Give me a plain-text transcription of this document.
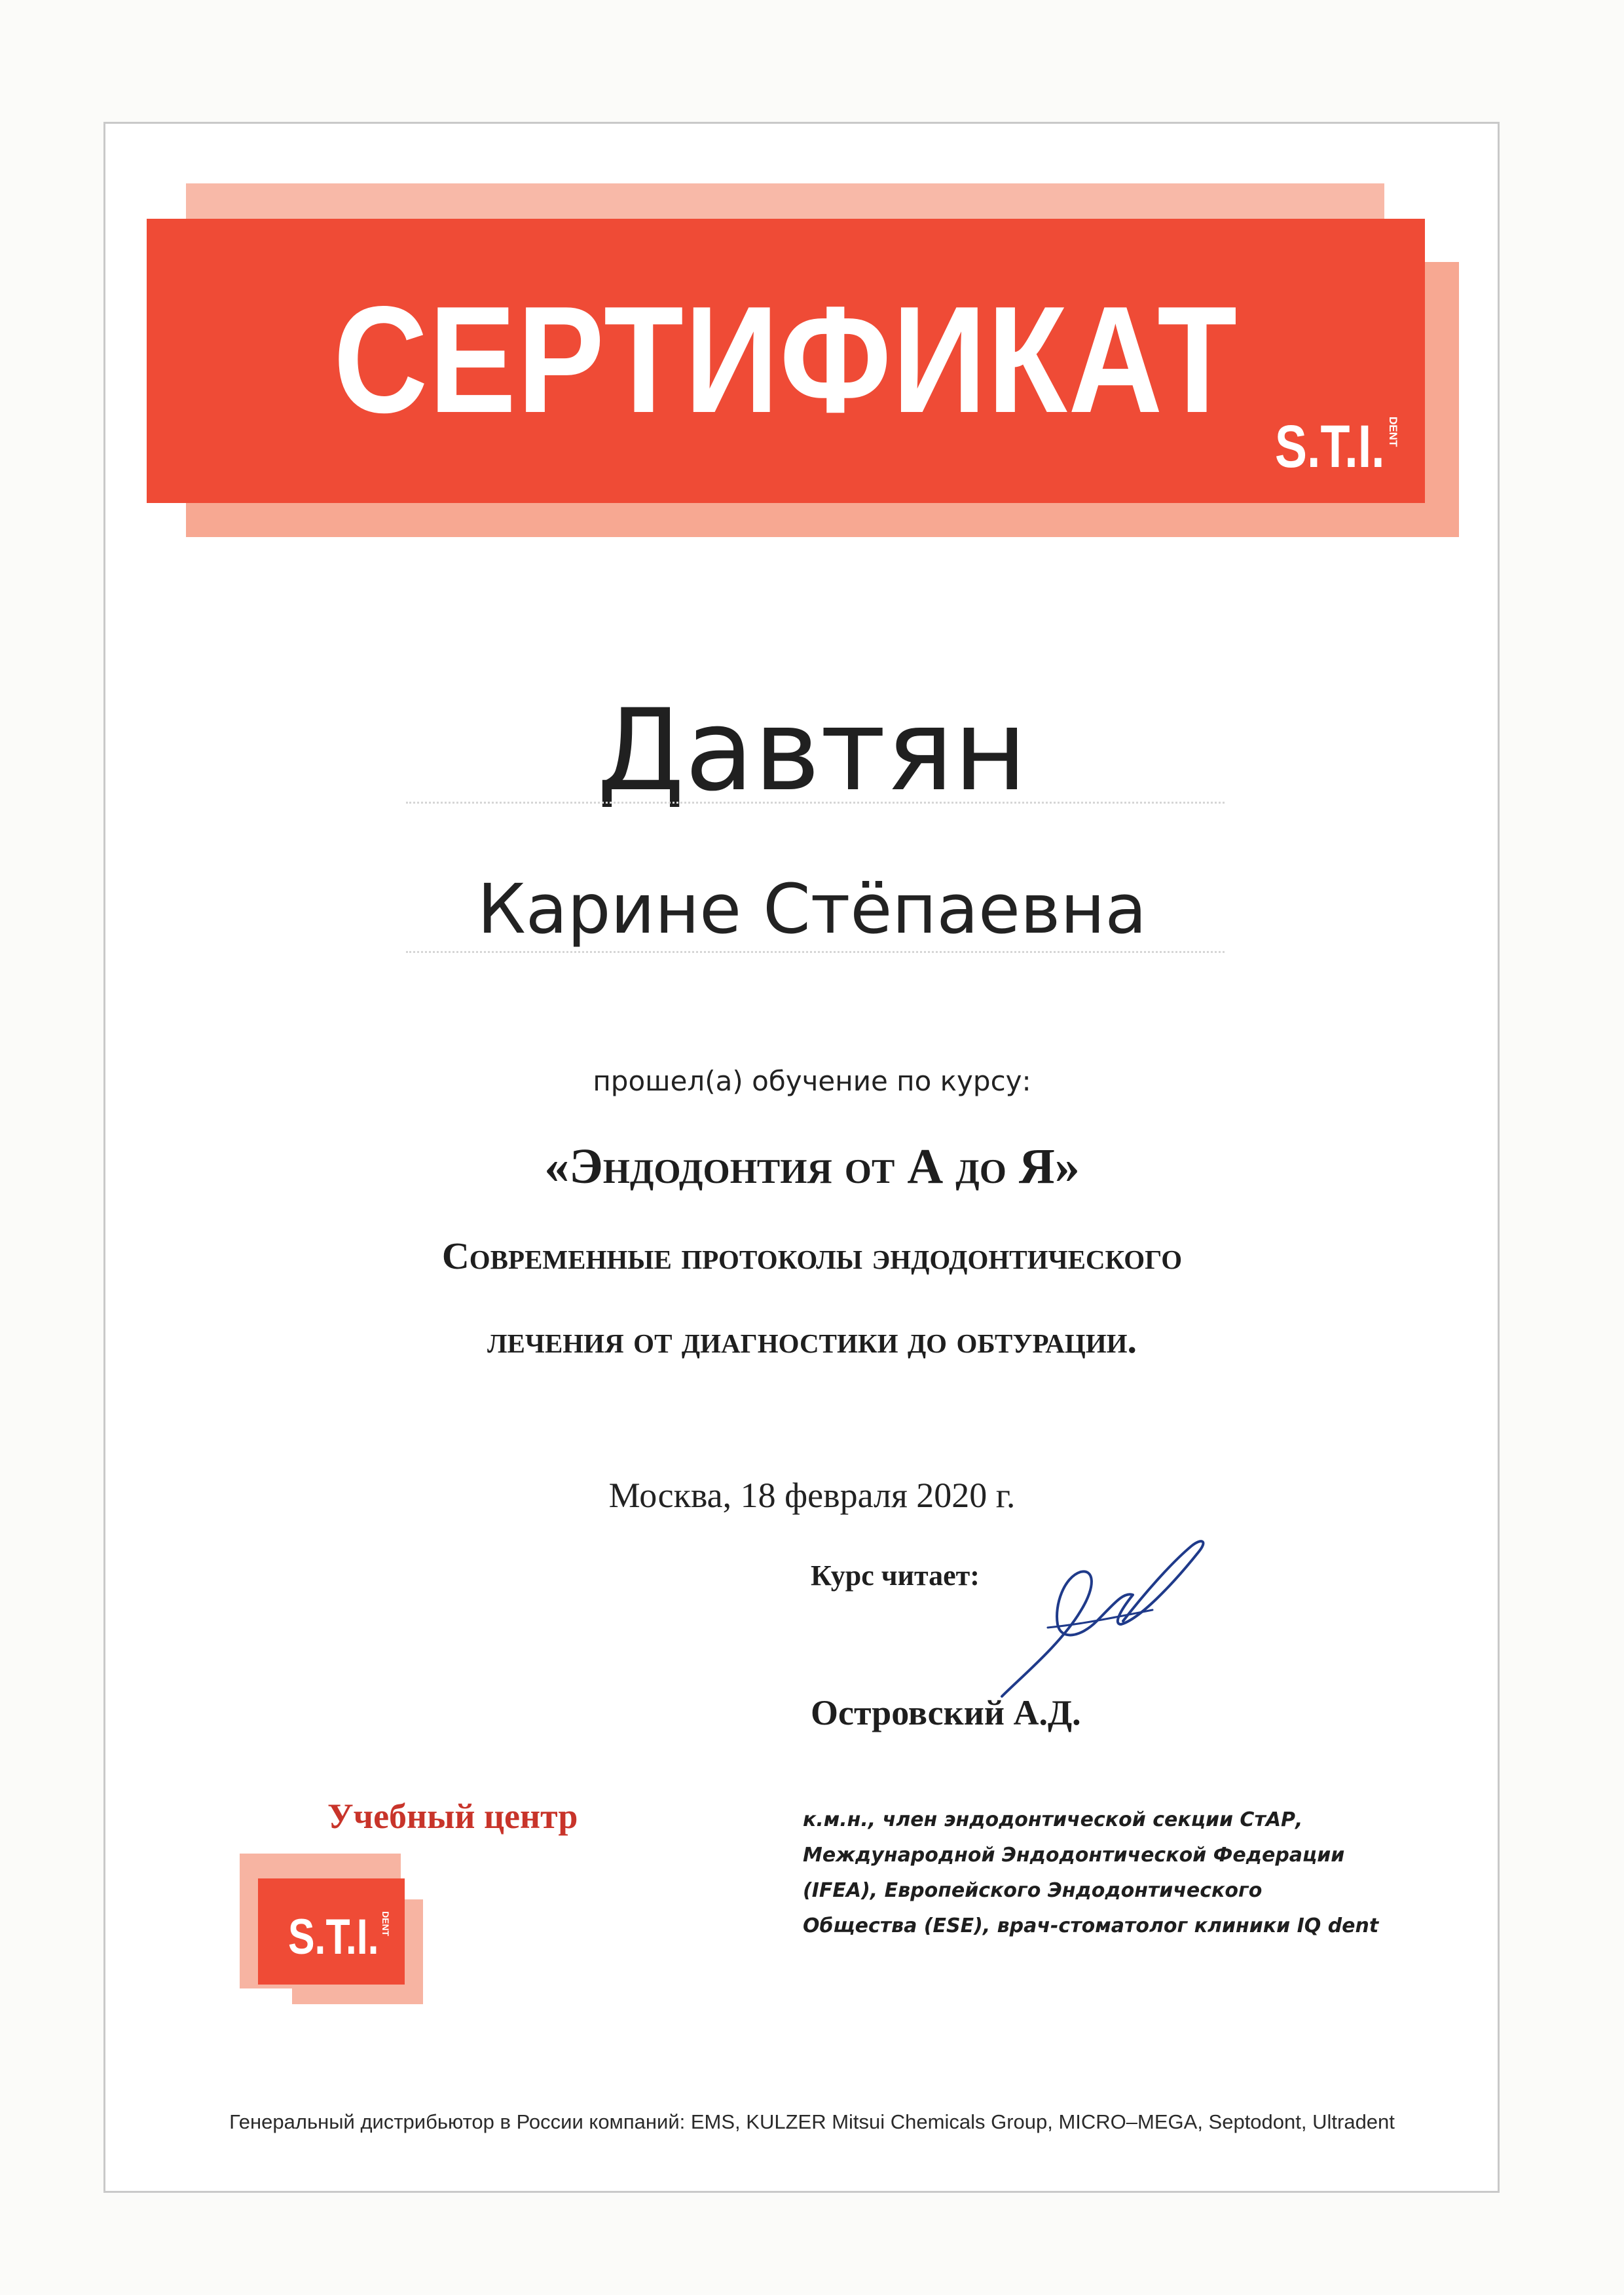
СЕРТИФИКАТ
S.T.I. DENT
Давтян
Карине Стёпаевна
прошел(а) обучение по курсу:
«Эндодонтия от А до Я»
Современные протоколы эндодонтического
лечения от диагностики до обтурации.
Москва, 18 февраля 2020 г.
Курс читает:
Островский А.Д.
к.м.н., член эндодонтической секции СтАР,
Международной Эндодонтической Федерации
(IFEA), Европейского Эндодонтического
Общества (ESE), врач-стоматолог клиники IQ dent
Учебный центр
S.T.I. DENT
Генеральный дистрибьютор в России компаний: EMS, KULZER Mitsui Chemicals Group, MICRO–MEGA, Septodont, Ultradent
